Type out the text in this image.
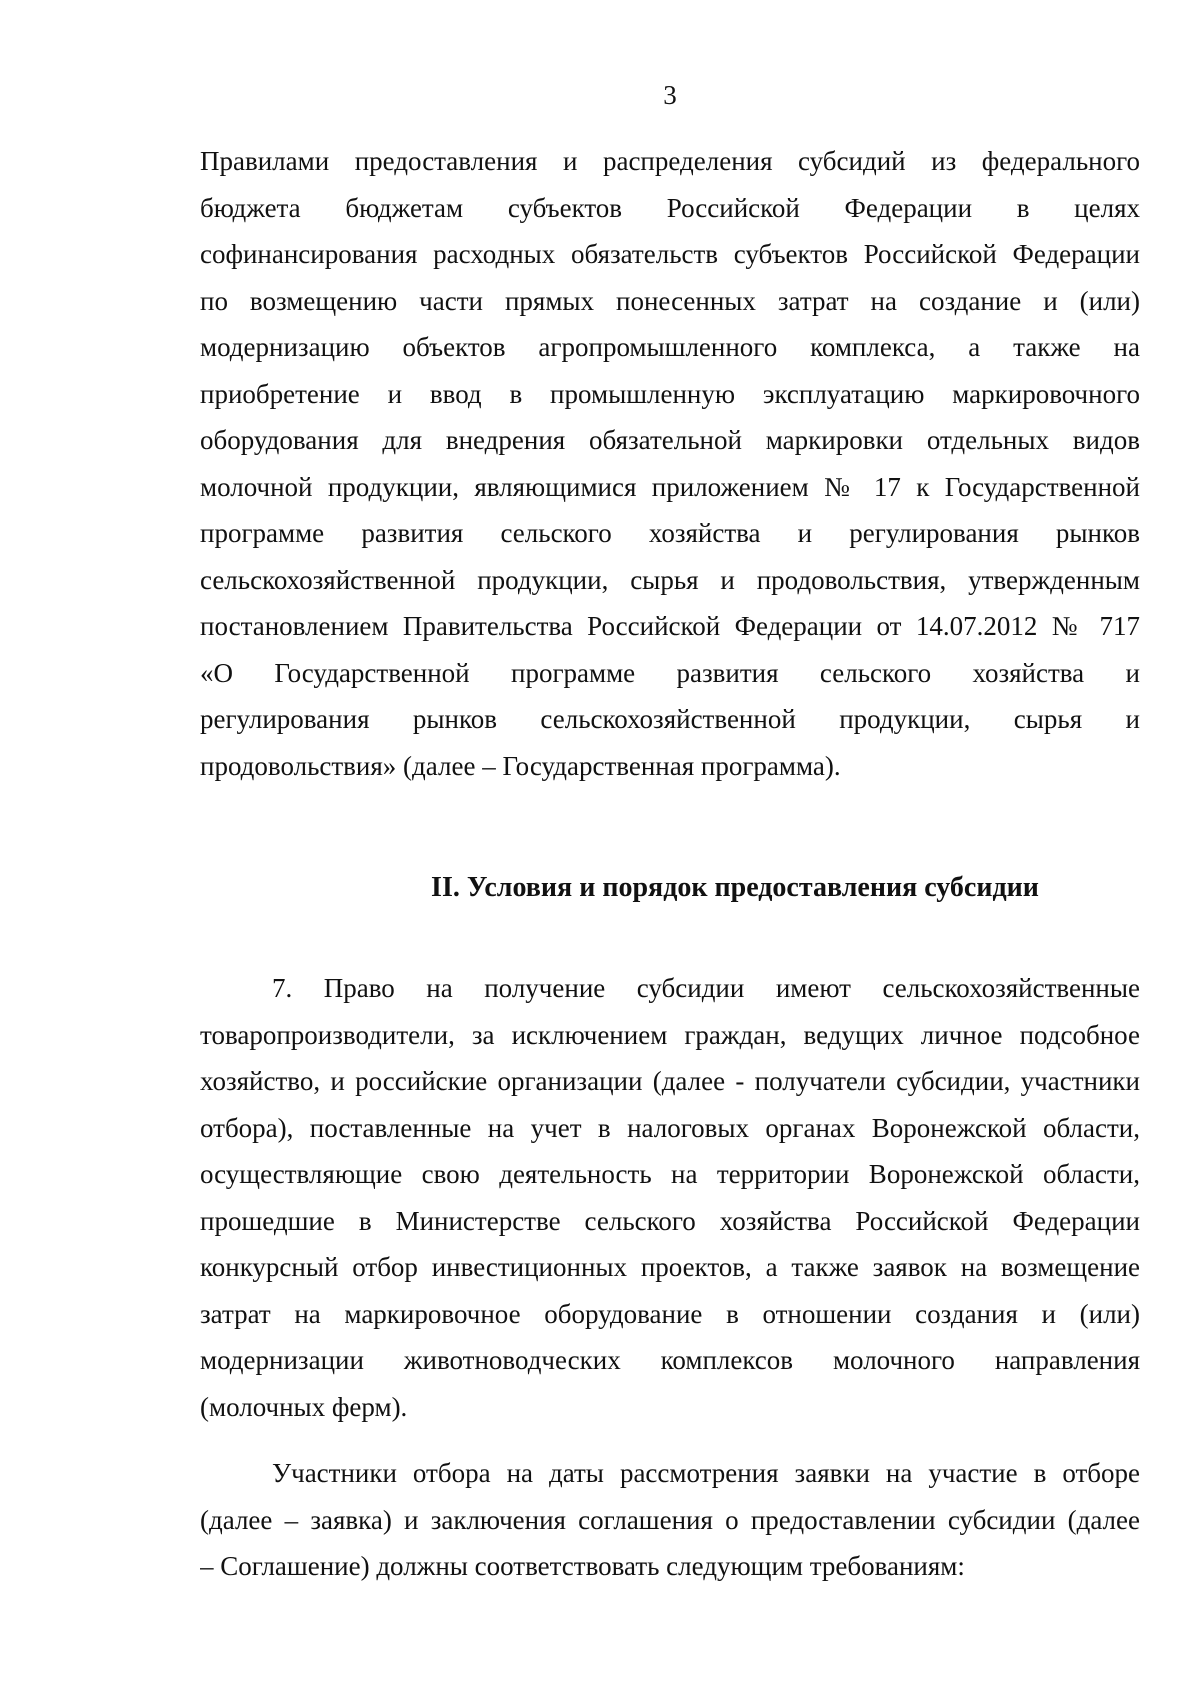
3
Правилами предоставления и распределения субсидий из федерального
бюджета бюджетам субъектов Российской Федерации в целях
софинансирования расходных обязательств субъектов Российской Федерации
по возмещению части прямых понесенных затрат на создание и (или)
модернизацию объектов агропромышленного комплекса, а также на
приобретение и ввод в промышленную эксплуатацию маркировочного
оборудования для внедрения обязательной маркировки отдельных видов
молочной продукции, являющимися приложением № 17 к Государственной
программе развития сельского хозяйства и регулирования рынков
сельскохозяйственной продукции, сырья и продовольствия, утвержденным
постановлением Правительства Российской Федерации от 14.07.2012 № 717
«О Государственной программе развития сельского хозяйства и
регулирования рынков сельскохозяйственной продукции, сырья и
продовольствия» (далее – Государственная программа).
II. Условия и порядок предоставления субсидии
7. Право на получение субсидии имеют сельскохозяйственные
товаропроизводители, за исключением граждан, ведущих личное подсобное
хозяйство, и российские организации (далее - получатели субсидии, участники
отбора), поставленные на учет в налоговых органах Воронежской области,
осуществляющие свою деятельность на территории Воронежской области,
прошедшие в Министерстве сельского хозяйства Российской Федерации
конкурсный отбор инвестиционных проектов, а также заявок на возмещение
затрат на маркировочное оборудование в отношении создания и (или)
модернизации животноводческих комплексов молочного направления
(молочных ферм).
Участники отбора на даты рассмотрения заявки на участие в отборе
(далее – заявка) и заключения соглашения о предоставлении субсидии (далее
– Соглашение) должны соответствовать следующим требованиям:
